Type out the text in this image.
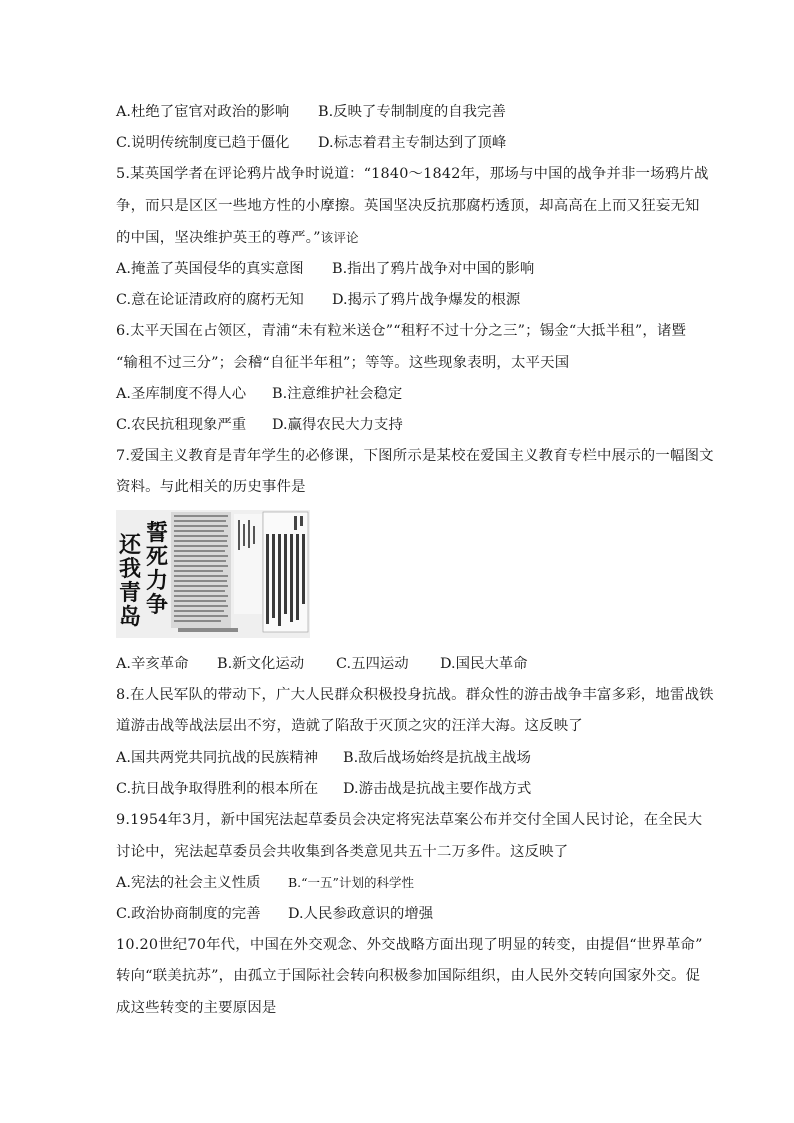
A.杜绝了宦官对政治的影响 B.反映了专制制度的自我完善
C.说明传统制度已趋于僵化 D.标志着君主专制达到了顶峰
5.某英国学者在评论鸦片战争时说道：“1840～1842年，那场与中国的战争并非一场鸦片战
争，而只是区区一些地方性的小摩擦。英国坚决反抗那腐朽透顶，却高高在上而又狂妄无知
的中国，坚决维护英王的尊严。”该评论
A.掩盖了英国侵华的真实意图 B.指出了鸦片战争对中国的影响
C.意在论证清政府的腐朽无知 D.揭示了鸦片战争爆发的根源
6.太平天国在占领区，青浦“未有粒米送仓”“租籽不过十分之三”；锡金“大抵半租”，诸暨
“输租不过三分”；会稽“自征半年租”；等等。这些现象表明，太平天国
A.圣库制度不得人心 B.注意维护社会稳定
C.农民抗租现象严重 D.赢得农民大力支持
7.爱国主义教育是青年学生的必修课，下图所示是某校在爱国主义教育专栏中展示的一幅图文
资料。与此相关的历史事件是
誓死力争
还我青岛
A.辛亥革命 B.新文化运动 C.五四运动 D.国民大革命
8.在人民军队的带动下，广大人民群众积极投身抗战。群众性的游击战争丰富多彩，地雷战铁
道游击战等战法层出不穷，造就了陷敌于灭顶之灾的汪洋大海。这反映了
A.国共两党共同抗战的民族精神 B.敌后战场始终是抗战主战场
C.抗日战争取得胜利的根本所在 D.游击战是抗战主要作战方式
9.1954年3月，新中国宪法起草委员会决定将宪法草案公布并交付全国人民讨论，在全民大
讨论中，宪法起草委员会共收集到各类意见共五十二万多件。这反映了
A.宪法的社会主义性质 B.“一五”计划的科学性
C.政治协商制度的完善 D.人民参政意识的增强
10.20世纪70年代，中国在外交观念、外交战略方面出现了明显的转变，由提倡“世界革命”
转向“联美抗苏”，由孤立于国际社会转向积极参加国际组织，由人民外交转向国家外交。促
成这些转变的主要原因是
